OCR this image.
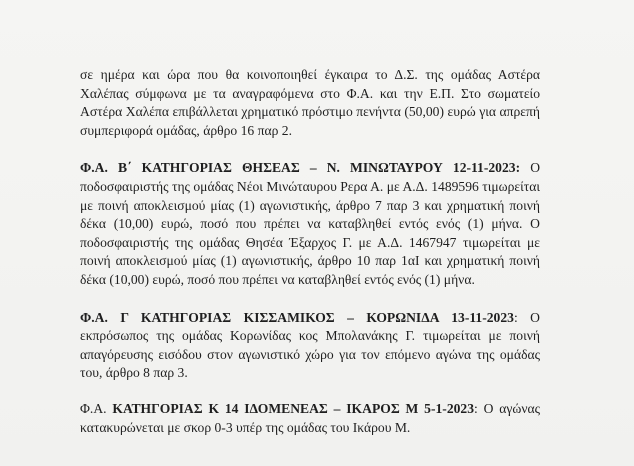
σε ημέρα και ώρα που θα κοινοποιηθεί έγκαιρα το Δ.Σ. της ομάδας Αστέρα Χαλέπας σύμφωνα με τα αναγραφόμενα στο Φ.Α. και την Ε.Π. Στο σωματείο Αστέρα Χαλέπα επιβάλλεται χρηματικό πρόστιμο πενήντα (50,00) ευρώ για απρεπή συμπεριφορά ομάδας, άρθρο 16 παρ 2.

Φ.Α. Β΄ ΚΑΤΗΓΟΡΙΑΣ ΘΗΣΕΑΣ – Ν. ΜΙΝΩΤΑΥΡΟΥ 12-11-2023: Ο ποδοσφαιριστής της ομάδας Νέοι Μινώταυρου Ρερα Α. με Α.Δ. 1489596 τιμωρείται με ποινή αποκλεισμού μίας (1) αγωνιστικής, άρθρο 7 παρ 3 και χρηματική ποινή δέκα (10,00) ευρώ, ποσό που πρέπει να καταβληθεί εντός ενός (1) μήνα. Ο ποδοσφαιριστής της ομάδας Θησέα Έξαρχος Γ. με Α.Δ. 1467947 τιμωρείται με ποινή αποκλεισμού μίας (1) αγωνιστικής, άρθρο 10 παρ 1αΙ και χρηματική ποινή δέκα (10,00) ευρώ, ποσό που πρέπει να καταβληθεί εντός ενός (1) μήνα.

Φ.Α. Γ ΚΑΤΗΓΟΡΙΑΣ ΚΙΣΣΑΜΙΚΟΣ – ΚΟΡΩΝΙΔΑ 13-11-2023: Ο εκπρόσωπος της ομάδας Κορωνίδας κος Μπολανάκης Γ. τιμωρείται με ποινή απαγόρευσης εισόδου στον αγωνιστικό χώρο για τον επόμενο αγώνα της ομάδας του, άρθρο 8 παρ 3.

Φ.Α. ΚΑΤΗΓΟΡΙΑΣ Κ 14 ΙΔΟΜΕΝΕΑΣ – ΙΚΑΡΟΣ Μ 5-1-2023: Ο αγώνας κατακυρώνεται με σκορ 0-3 υπέρ της ομάδας του Ικάρου Μ.
